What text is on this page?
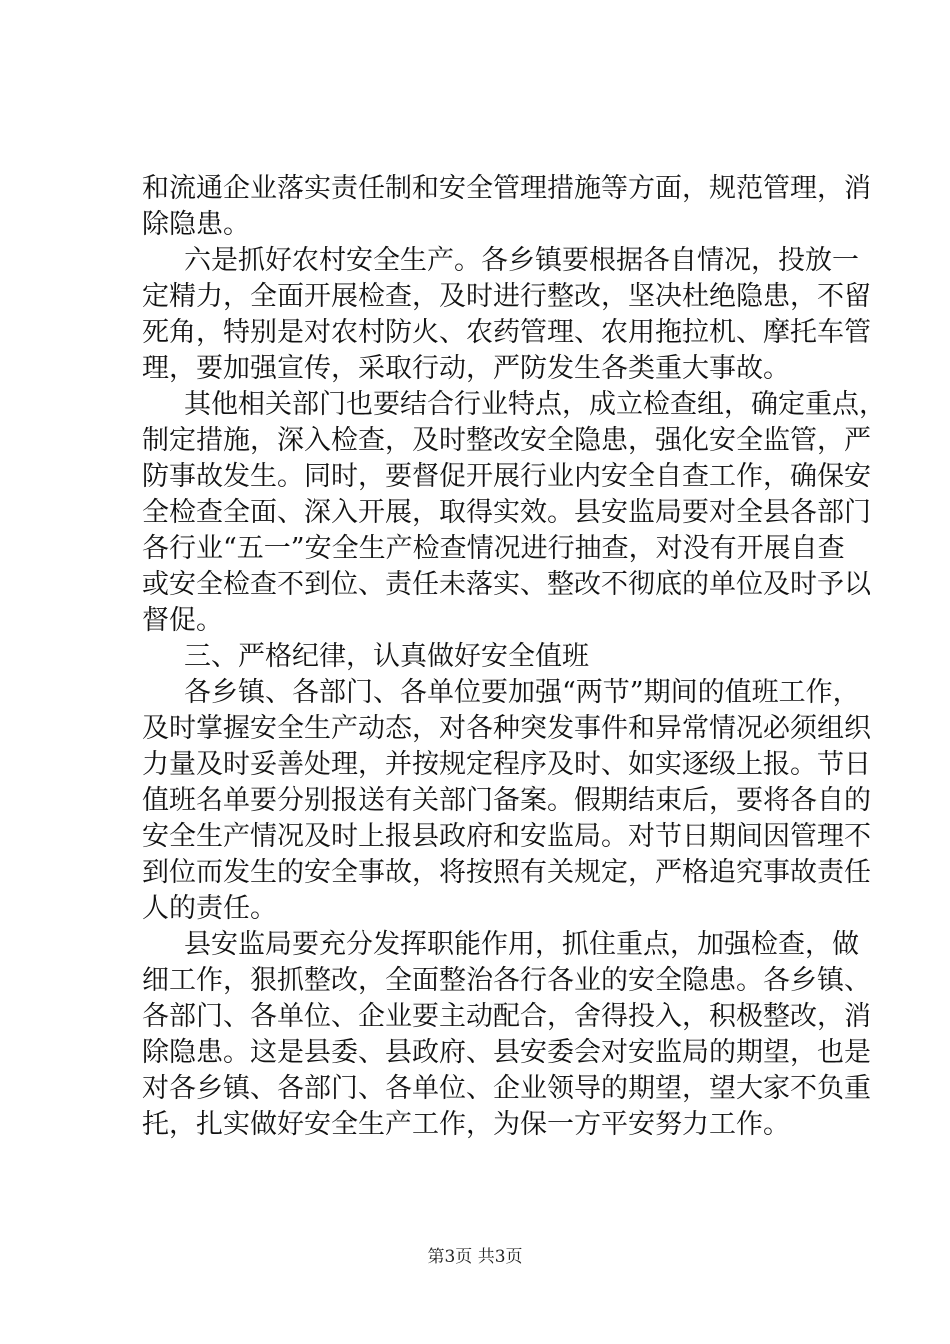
和流通企业落实责任制和安全管理措施等方面，规范管理，消
除隐患。
六是抓好农村安全生产。各乡镇要根据各自情况，投放一
定精力，全面开展检查，及时进行整改，坚决杜绝隐患，不留
死角，特别是对农村防火、农药管理、农用拖拉机、摩托车管
理，要加强宣传，采取行动，严防发生各类重大事故。
其他相关部门也要结合行业特点，成立检查组，确定重点，
制定措施，深入检查，及时整改安全隐患，强化安全监管，严
防事故发生。同时，要督促开展行业内安全自查工作，确保安
全检查全面、深入开展，取得实效。县安监局要对全县各部门
各行业“五一”安全生产检查情况进行抽查，对没有开展自查
或安全检查不到位、责任未落实、整改不彻底的单位及时予以
督促。
三、严格纪律，认真做好安全值班
各乡镇、各部门、各单位要加强“两节”期间的值班工作，
及时掌握安全生产动态，对各种突发事件和异常情况必须组织
力量及时妥善处理，并按规定程序及时、如实逐级上报。节日
值班名单要分别报送有关部门备案。假期结束后，要将各自的
安全生产情况及时上报县政府和安监局。对节日期间因管理不
到位而发生的安全事故，将按照有关规定，严格追究事故责任
人的责任。
县安监局要充分发挥职能作用，抓住重点，加强检查，做
细工作，狠抓整改，全面整治各行各业的安全隐患。各乡镇、
各部门、各单位、企业要主动配合，舍得投入，积极整改，消
除隐患。这是县委、县政府、县安委会对安监局的期望，也是
对各乡镇、各部门、各单位、企业领导的期望，望大家不负重
托，扎实做好安全生产工作，为保一方平安努力工作。
第3页 共3页
